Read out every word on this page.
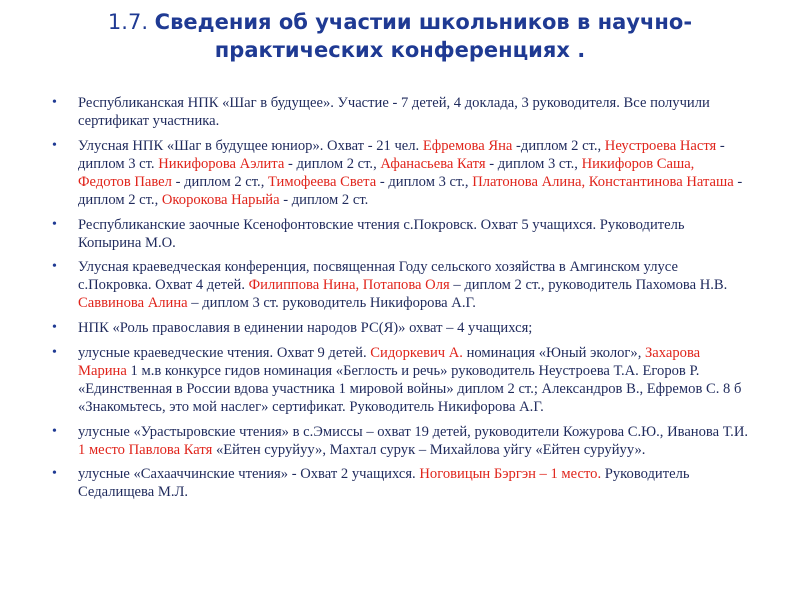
1.7. Сведения об участии школьников в научно-
практических конференциях .
• Республиканская НПК «Шаг в будущее». Участие - 7 детей, 4 доклада, 3 руководителя. Все получили сертификат участника.
• Улусная НПК «Шаг в будущее юниор». Охват - 21 чел. Ефремова Яна -диплом 2 ст., Неустроева Настя - диплом 3 ст. Никифорова Аэлита - диплом 2 ст., Афанасьева Катя - диплом 3 ст., Никифоров Саша, Федотов Павел - диплом 2 ст., Тимофеева Света - диплом 3 ст., Платонова Алина, Константинова Наташа - диплом 2 ст., Окорокова Нарыйа - диплом 2 ст.
• Республиканские заочные Ксенофонтовские чтения с.Покровск. Охват 5 учащихся. Руководитель Копырина М.О.
• Улусная краеведческая конференция, посвященная Году сельского хозяйства в Амгинском улусе с.Покровка. Охват 4 детей. Филиппова Нина, Потапова Оля – диплом 2 ст., руководитель Пахомова Н.В. Саввинова Алина – диплом 3 ст. руководитель Никифорова А.Г.
• НПК «Роль православия в единении народов РС(Я)» охват – 4 учащихся;
• улусные краеведческие чтения. Охват 9 детей. Сидоркевич А. номинация «Юный эколог», Захарова Марина 1 м.в конкурсе гидов номинация «Беглость и речь» руководитель Неустроева Т.А. Егоров Р. «Единственная в России вдова участника 1 мировой войны» диплом 2 ст.; Александров В., Ефремов С. 8 б «Знакомьтесь, это мой наслег» сертификат. Руководитель Никифорова А.Г.
• улусные «Урастыровские чтения» в с.Эмиссы – охват 19 детей, руководители Кожурова С.Ю., Иванова Т.И. 1 место Павлова Катя «Ейтен суруйуу», Махтал сурук – Михайлова уйгу «Ейтен суруйуу».
• улусные «Сахааччинские чтения» - Охват 2 учащихся. Ноговицын Бэргэн – 1 место. Руководитель Седалищева М.Л.
